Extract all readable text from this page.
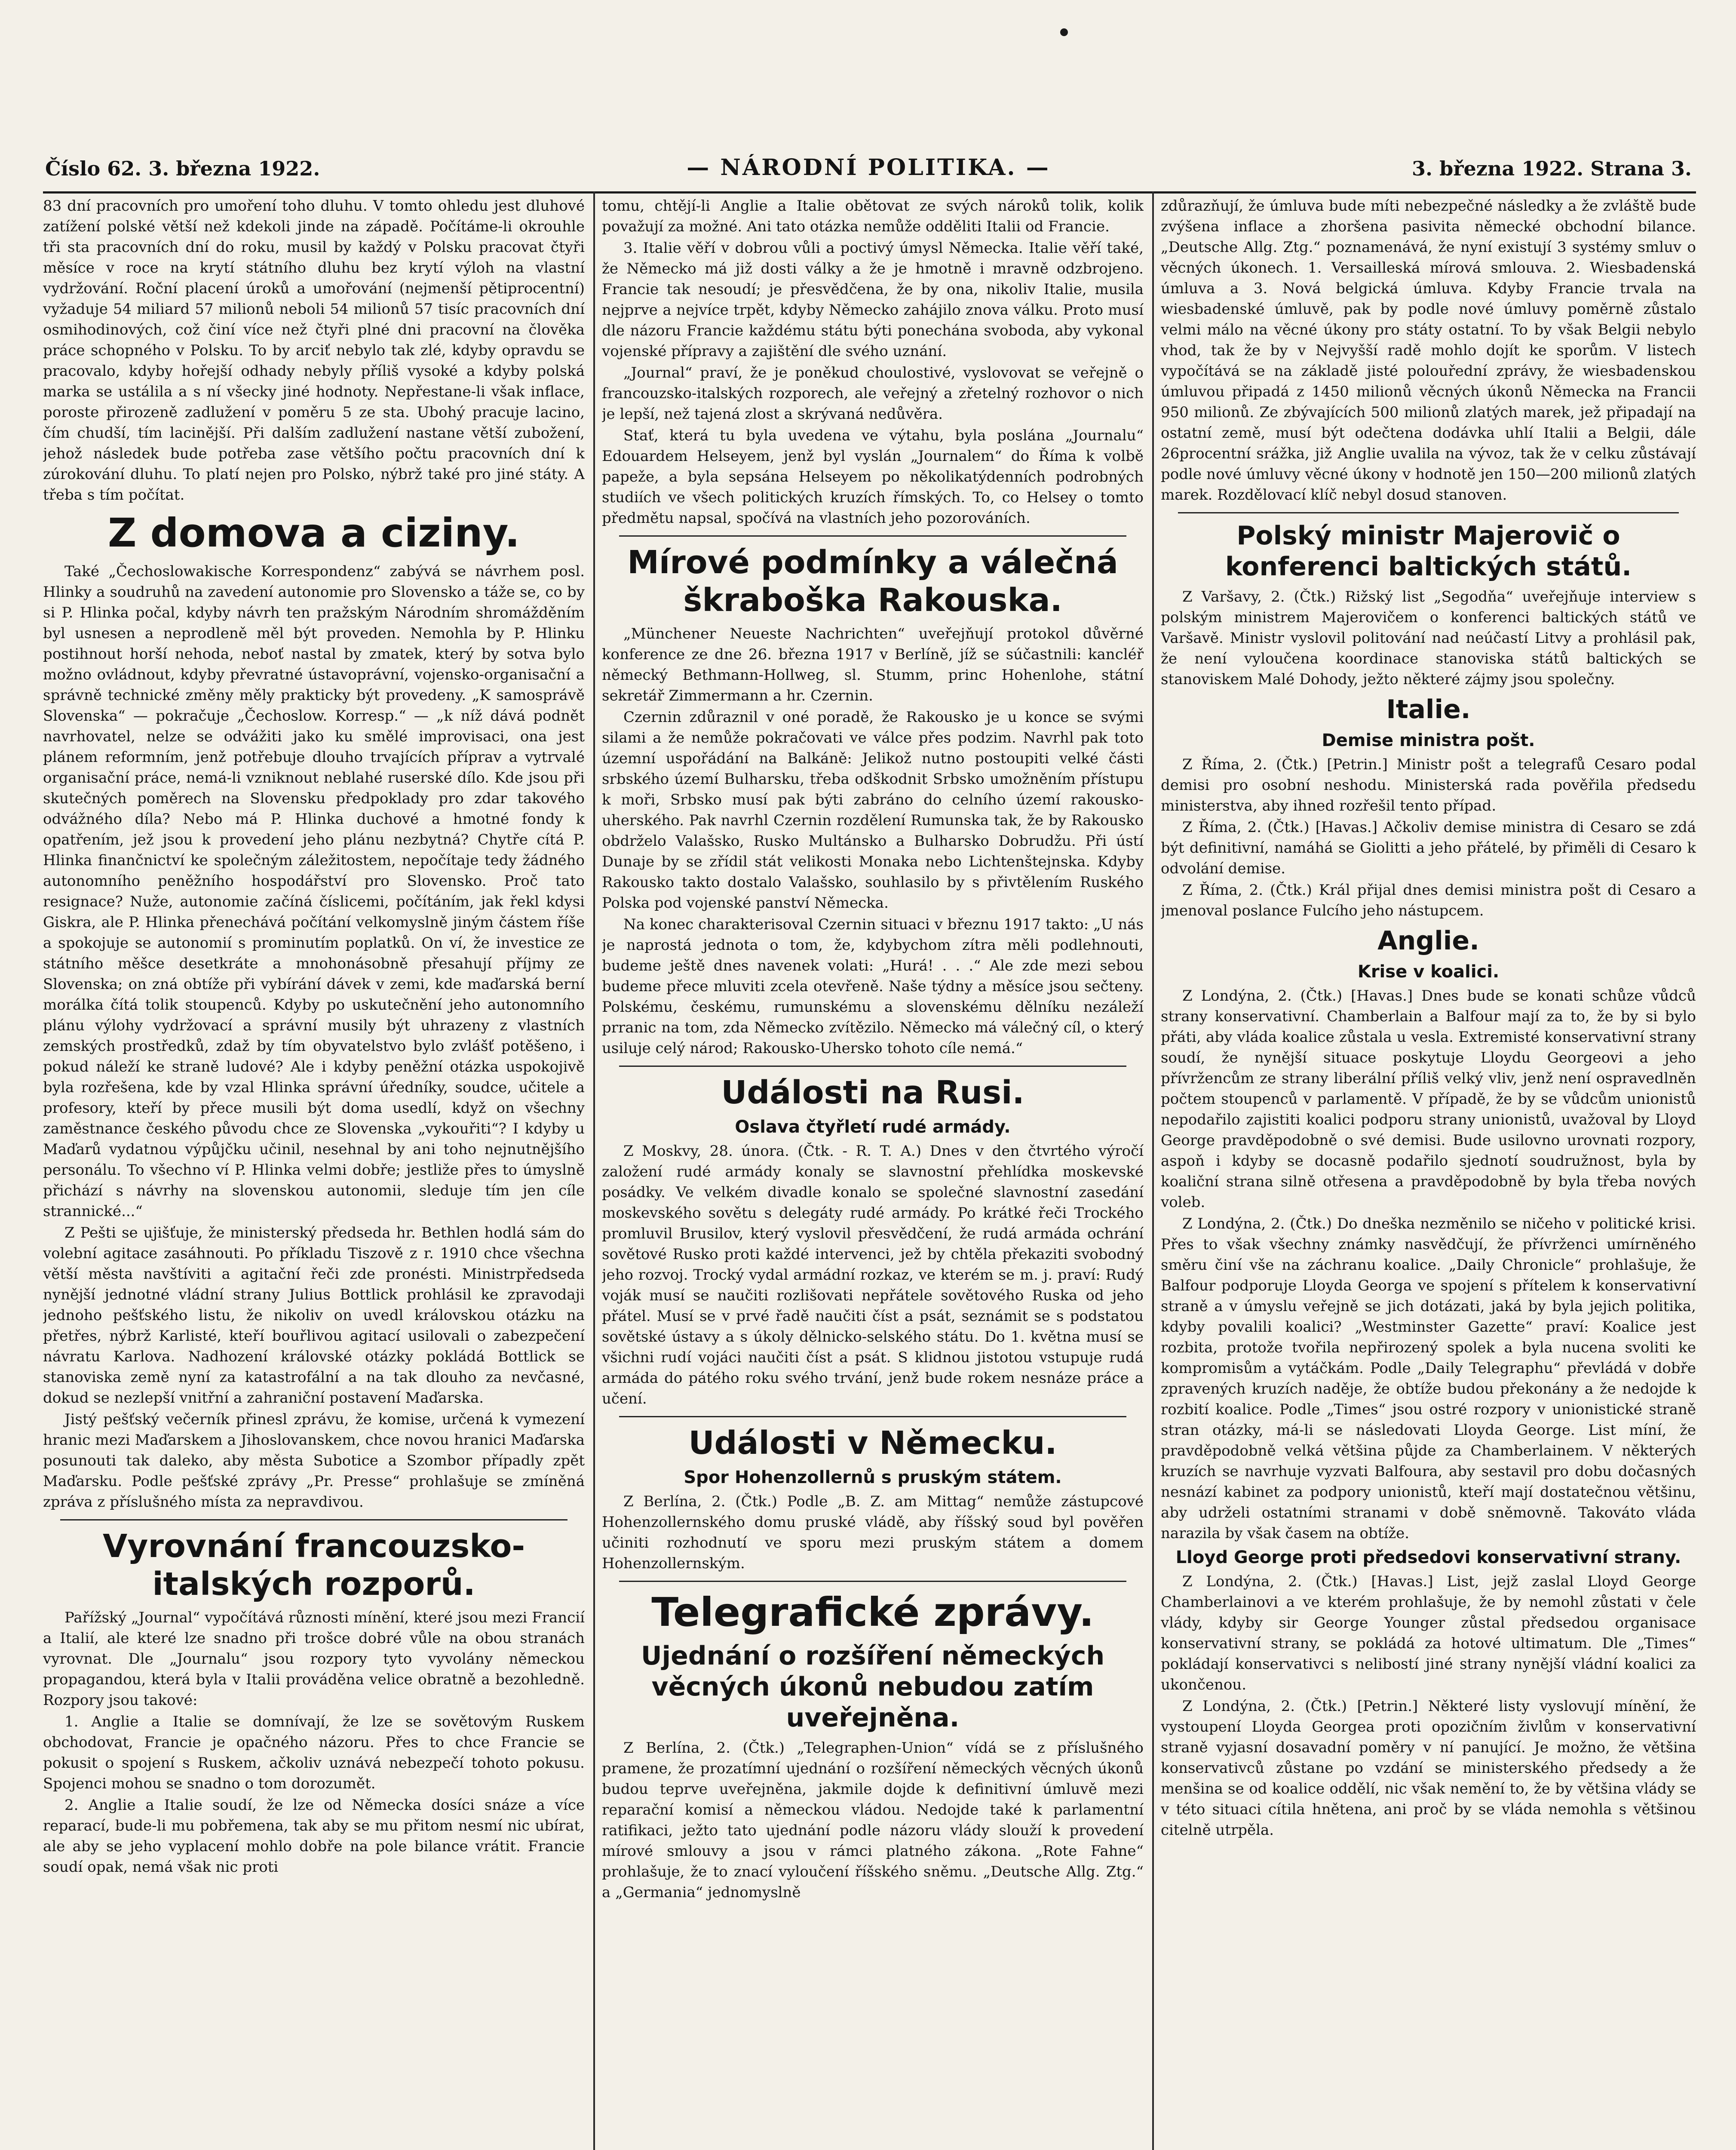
Číslo 62. 3. března 1922.	— NÁRODNÍ POLITIKA. —	3. března 1922. Strana 3.

83 dní pracovních pro umoření toho dluhu. V tomto ohledu jest dluhové zatížení polské větší než kdekoli jinde na západě. Počítáme-li okrouhle tři sta pracovních dní do roku, musil by každý v Polsku pracovat čtyři měsíce v roce na krytí státního dluhu bez krytí výloh na vlastní vydržování. Roční placení úroků a umořování (nejmenší pětiprocentní) vyžaduje 54 miliard 57 milionů neboli 54 milionů 57 tisíc pracovních dní osmihodinových, což činí více než čtyři plné dni pracovní na člověka práce schopného v Polsku. To by arciť nebylo tak zlé, kdyby opravdu se pracovalo, kdyby hořejší odhady nebyly příliš vysoké a kdyby polská marka se ustálila a s ní všecky jiné hodnoty. Nepřestane-li však inflace, poroste přirozeně zadlužení v poměru 5 ze sta. Ubohý pracuje lacino, čím chudší, tím lacinější. Při dalším zadlužení nastane větší zubožení, jehož následek bude potřeba zase většího počtu pracovních dní k zúrokování dluhu. To platí nejen pro Polsko, nýbrž také pro jiné státy. A třeba s tím počítat.

Z domova a ciziny.

Také „Čechoslowakische Korrespondenz“ zabývá se návrhem posl. Hlinky a soudruhů na zavedení autonomie pro Slovensko a táže se, co by si P. Hlinka počal, kdyby návrh ten pražským Národním shromážděním byl usnesen a neprodleně měl být proveden. Nemohla by P. Hlinku postihnout horší nehoda, neboť nastal by zmatek, který by sotva bylo možno ovládnout, kdyby převratné ústavoprávní, vojensko-organisační a správně technické změny měly prakticky být provedeny. „K samosprávě Slovenska“ — pokračuje „Čechoslow. Korresp.“ — „k níž dává podnět navrhovatel, nelze se odvážiti jako ku smělé improvisaci, ona jest plánem reformním, jenž potřebuje dlouho trvajících příprav a vytrvalé organisační práce, nemá-li vzniknout neblahé ruserské dílo. Kde jsou při skutečných poměrech na Slovensku předpoklady pro zdar takového odvážného díla? Nebo má P. Hlinka duchové a hmotné fondy k opatřením, jež jsou k provedení jeho plánu nezbytná? Chytře cítá P. Hlinka finančnictví ke společným záležitostem, nepočítaje tedy žádného autonomního peněžního hospodářství pro Slovensko. Proč tato resignace? Nuže, autonomie začíná číslicemi, počítáním, jak řekl kdysi Giskra, ale P. Hlinka přenechává počítání velkomyslně jiným částem říše a spokojuje se autonomií s prominutím poplatků. On ví, že investice ze státního měšce desetkráte a mnohonásobně přesahují příjmy ze Slovenska; on zná obtíže při vybírání dávek v zemi, kde maďarská berní morálka čítá tolik stoupenců. Kdyby po uskutečnění jeho autonomního plánu výlohy vydržovací a správní musily být uhrazeny z vlastních zemských prostředků, zdaž by tím obyvatelstvo bylo zvlášť potěšeno, i pokud náleží ke straně ludové? Ale i kdyby peněžní otázka uspokojivě byla rozřešena, kde by vzal Hlinka správní úředníky, soudce, učitele a profesory, kteří by přece musili být doma usedlí, když on všechny zaměstnance českého původu chce ze Slovenska „vykouřiti“? I kdyby u Maďarů vydatnou výpůjčku učinil, nesehnal by ani toho nejnutnějšího personálu. To všechno ví P. Hlinka velmi dobře; jestliže přes to úmyslně přichází s návrhy na slovenskou autonomii, sleduje tím jen cíle strannické...“

Z Pešti se ujišťuje, že ministerský předseda hr. Bethlen hodlá sám do volební agitace zasáhnouti. Po příkladu Tiszově z r. 1910 chce všechna větší města navštíviti a agitační řeči zde pronésti. Ministrpředseda nynější jednotné vládní strany Julius Bottlick prohlásil ke zpravodaji jednoho pešťského listu, že nikoliv on uvedl královskou otázku na přetřes, nýbrž Karlisté, kteří bouřlivou agitací usilovali o zabezpečení návratu Karlova. Nadhození královské otázky pokládá Bottlick se stanoviska země nyní za katastrofální a na tak dlouho za nevčasné, dokud se nezlepší vnitřní a zahraniční postavení Maďarska.

Jistý pešťský večerník přinesl zprávu, že komise, určená k vymezení hranic mezi Maďarskem a Jihoslovanskem, chce novou hranici Maďarska posunouti tak daleko, aby města Subotice a Szombor případly zpět Maďarsku. Podle pešťské zprávy „Pr. Presse“ prohlašuje se zmíněná zpráva z příslušného místa za nepravdivou.

Vyrovnání francouzsko-italských rozporů.

Pařížský „Journal“ vypočítává různosti mínění, které jsou mezi Francií a Italií, ale které lze snadno při trošce dobré vůle na obou stranách vyrovnat. Dle „Journalu“ jsou rozpory tyto vyvolány německou propagandou, která byla v Italii prováděna velice obratně a bezohledně. Rozpory jsou takové:

1. Anglie a Italie se domnívají, že lze se sovětovým Ruskem obchodovat, Francie je opačného názoru. Přes to chce Francie se pokusit o spojení s Ruskem, ačkoliv uznává nebezpečí tohoto pokusu. Spojenci mohou se snadno o tom dorozumět.

2. Anglie a Italie soudí, že lze od Německa dosíci snáze a více reparací, bude-li mu pobřemena, tak aby se mu přitom nesmí nic ubírat, ale aby se jeho vyplacení mohlo dobře na pole bilance vrátit. Francie soudí opak, nemá však nic proti

tomu, chtějí-li Anglie a Italie obětovat ze svých nároků tolik, kolik považují za možné. Ani tato otázka nemůže odděliti Italii od Francie.

3. Italie věří v dobrou vůli a poctivý úmysl Německa. Italie věří také, že Německo má již dosti války a že je hmotně i mravně odzbrojeno. Francie tak nesoudí; je přesvědčena, že by ona, nikoliv Italie, musila nejprve a nejvíce trpět, kdyby Německo zahájilo znova válku. Proto musí dle názoru Francie každému státu býti ponechána svoboda, aby vykonal vojenské přípravy a zajištění dle svého uznání.

„Journal“ praví, že je poněkud choulostivé, vyslovovat se veřejně o francouzsko-italských rozporech, ale veřejný a zřetelný rozhovor o nich je lepší, než tajená zlost a skrývaná nedůvěra.

Stať, která tu byla uvedena ve výtahu, byla poslána „Journalu“ Edouardem Helseyem, jenž byl vyslán „Journalem“ do Říma k volbě papeže, a byla sepsána Helseyem po několikatýdenních podrobných studiích ve všech politických kruzích římských. To, co Helsey o tomto předmětu napsal, spočívá na vlastních jeho pozorováních.

Mírové podmínky a válečná škraboška Rakouska.

„Münchener Neueste Nachrichten“ uveřejňují protokol důvěrné konference ze dne 26. března 1917 v Berlíně, jíž se súčastnili: kancléř německý Bethmann-Hollweg, sl. Stumm, princ Hohenlohe, státní sekretář Zimmermann a hr. Czernin.

Czernin zdůraznil v oné poradě, že Rakousko je u konce se svými silami a že nemůže pokračovati ve válce přes podzim. Navrhl pak toto územní uspořádání na Balkáně: Jelikož nutno postoupiti velké části srbského území Bulharsku, třeba odškodnit Srbsko umožněním přístupu k moři, Srbsko musí pak býti zabráno do celního území rakousko-uherského. Pak navrhl Czernin rozdělení Rumunska tak, že by Rakousko obdrželo Valašsko, Rusko Multánsko a Bulharsko Dobrudžu. Při ústí Dunaje by se zřídil stát velikosti Monaka nebo Lichtenštejnska. Kdyby Rakousko takto dostalo Valašsko, souhlasilo by s přivtělením Ruského Polska pod vojenské panství Německa.

Na konec charakterisoval Czernin situaci v březnu 1917 takto: „U nás je naprostá jednota o tom, že, kdybychom zítra měli podlehnouti, budeme ještě dnes navenek volati: „Hurá! . . .“ Ale zde mezi sebou budeme přece mluviti zcela otevřeně. Naše týdny a měsíce jsou sečteny. Polskému, českému, rumunskému a slovenskému dělníku nezáleží prranic na tom, zda Německo zvítězilo. Německo má válečný cíl, o který usiluje celý národ; Rakousko-Uhersko tohoto cíle nemá.“

Události na Rusi.
Oslava čtyřletí rudé armády.

Z Moskvy, 28. února. (Čtk. - R. T. A.) Dnes v den čtvrtého výročí založení rudé armády konaly se slavnostní přehlídka moskevské posádky. Ve velkém divadle konalo se společné slavnostní zasedání moskevského sovětu s delegáty rudé armády. Po krátké řeči Trockého promluvil Brusilov, který vyslovil přesvědčení, že rudá armáda ochrání sovětové Rusko proti každé intervenci, jež by chtěla překaziti svobodný jeho rozvoj. Trocký vydal armádní rozkaz, ve kterém se m. j. praví: Rudý voják musí se naučiti rozlišovati nepřátele sovětového Ruska od jeho přátel. Musí se v prvé řadě naučiti číst a psát, seznámit se s podstatou sovětské ústavy a s úkoly dělnicko-selského státu. Do 1. května musí se všichni rudí vojáci naučiti číst a psát. S klidnou jistotou vstupuje rudá armáda do pátého roku svého trvání, jenž bude rokem nesnáze práce a učení.

Události v Německu.
Spor Hohenzollernů s pruským státem.

Z Berlína, 2. (Čtk.) Podle „B. Z. am Mittag“ nemůže zástupcové Hohenzollernského domu pruské vládě, aby říšský soud byl pověřen učiniti rozhodnutí ve sporu mezi pruským státem a domem Hohenzollernským.

Telegrafické zprávy.
Ujednání o rozšíření německých věcných úkonů nebudou zatím uveřejněna.

Z Berlína, 2. (Čtk.) „Telegraphen-Union“ vídá se z příslušného pramene, že prozatímní ujednání o rozšíření německých věcných úkonů budou teprve uveřejněna, jakmile dojde k definitivní úmluvě mezi reparační komisí a německou vládou. Nedojde také k parlamentní ratifikaci, ježto tato ujednání podle názoru vlády slouží k provedení mírové smlouvy a jsou v rámci platného zákona. „Rote Fahne“ prohlašuje, že to znací vyloučení říšského sněmu. „Deutsche Allg. Ztg.“ a „Germania“ jednomyslně

zdůrazňují, že úmluva bude míti nebezpečné následky a že zvláště bude zvýšena inflace a zhoršena pasivita německé obchodní bilance. „Deutsche Allg. Ztg.“ poznamenává, že nyní existují 3 systémy smluv o věcných úkonech. 1. Versailleská mírová smlouva. 2. Wiesbadenská úmluva a 3. Nová belgická úmluva. Kdyby Francie trvala na wiesbadenské úmluvě, pak by podle nové úmluvy poměrně zůstalo velmi málo na věcné úkony pro státy ostatní. To by však Belgii nebylo vhod, tak že by v Nejvyšší radě mohlo dojít ke sporům. V listech vypočítává se na základě jisté polouřední zprávy, že wiesbadenskou úmluvou připadá z 1450 milionů věcných úkonů Německa na Francii 950 milionů. Ze zbývajících 500 milionů zlatých marek, jež připadají na ostatní země, musí být odečtena dodávka uhlí Italii a Belgii, dále 26procentní srážka, již Anglie uvalila na vývoz, tak že v celku zůstávají podle nové úmluvy věcné úkony v hodnotě jen 150—200 milionů zlatých marek. Rozdělovací klíč nebyl dosud stanoven.

Polský ministr Majerovič o konferenci baltických států.

Z Varšavy, 2. (Čtk.) Rižský list „Segodňa“ uveřejňuje interview s polským ministrem Majerovičem o konferenci baltických států ve Varšavě. Ministr vyslovil politování nad neúčastí Litvy a prohlásil pak, že není vyloučena koordinace stanoviska států baltických se stanoviskem Malé Dohody, ježto některé zájmy jsou společny.

Italie.
Demise ministra pošt.

Z Říma, 2. (Čtk.) [Petrin.] Ministr pošt a telegrafů Cesaro podal demisi pro osobní neshodu. Ministerská rada pověřila předsedu ministerstva, aby ihned rozřešil tento případ.

Z Říma, 2. (Čtk.) [Havas.] Ačkoliv demise ministra di Cesaro se zdá být definitivní, namáhá se Giolitti a jeho přátelé, by přiměli di Cesaro k odvolání demise.

Z Říma, 2. (Čtk.) Král přijal dnes demisi ministra pošt di Cesaro a jmenoval poslance Fulcího jeho nástupcem.

Anglie.
Krise v koalici.

Z Londýna, 2. (Čtk.) [Havas.] Dnes bude se konati schůze vůdců strany konservativní. Chamberlain a Balfour mají za to, že by si bylo přáti, aby vláda koalice zůstala u vesla. Extremisté konservativní strany soudí, že nynější situace poskytuje Lloydu Georgeovi a jeho přívržencům ze strany liberální příliš velký vliv, jenž není ospravedlněn počtem stoupenců v parlamentě. V případě, že by se vůdcům unionistů nepodařilo zajistiti koalici podporu strany unionistů, uvažoval by Lloyd George pravděpodobně o své demisi. Bude usilovno urovnati rozpory, aspoň i kdyby se docasně podařilo sjednotí soudružnost, byla by koaliční strana silně otřesena a pravděpodobně by byla třeba nových voleb.

Z Londýna, 2. (Čtk.) Do dneška nezměnilo se ničeho v politické krisi. Přes to však všechny známky nasvědčují, že přívrženci umírněného směru činí vše na záchranu koalice. „Daily Chronicle“ prohlašuje, že Balfour podporuje Lloyda Georga ve spojení s přítelem k konservativní straně a v úmyslu veřejně se jich dotázati, jaká by byla jejich politika, kdyby povalili koalici? „Westminster Gazette“ praví: Koalice jest rozbita, protože tvořila nepřirozený spolek a byla nucena svoliti ke kompromisům a vytáčkám. Podle „Daily Telegraphu“ převládá v dobře zpravených kruzích naděje, že obtíže budou překonány a že nedojde k rozbití koalice. Podle „Times“ jsou ostré rozpory v unionistické straně stran otázky, má-li se následovati Lloyda George. List míní, že pravděpodobně velká většina půjde za Chamberlainem. V některých kruzích se navrhuje vyzvati Balfoura, aby sestavil pro dobu dočasných nesnází kabinet za podpory unionistů, kteří mají dostatečnou většinu, aby udrželi ostatními stranami v době sněmovně. Takováto vláda narazila by však časem na obtíže.

Lloyd George proti předsedovi konservativní strany.

Z Londýna, 2. (Čtk.) [Havas.] List, jejž zaslal Lloyd George Chamberlainovi a ve kterém prohlašuje, že by nemohl zůstati v čele vlády, kdyby sir George Younger zůstal předsedou organisace konservativní strany, se pokládá za hotové ultimatum. Dle „Times“ pokládají konservativci s nelibostí jiné strany nynější vládní koalici za ukončenou.

Z Londýna, 2. (Čtk.) [Petrin.] Některé listy vyslovují mínění, že vystoupení Lloyda Georgea proti opozičním živlům v konservativní straně vyjasní dosavadní poměry v ní panující. Je možno, že většina konservativců zůstane po vzdání se ministerského předsedy a že menšina se od koalice oddělí, nic však nemění to, že by většina vlády se v této situaci cítila hnětena, ani proč by se vláda nemohla s většinou citelně utrpěla.
